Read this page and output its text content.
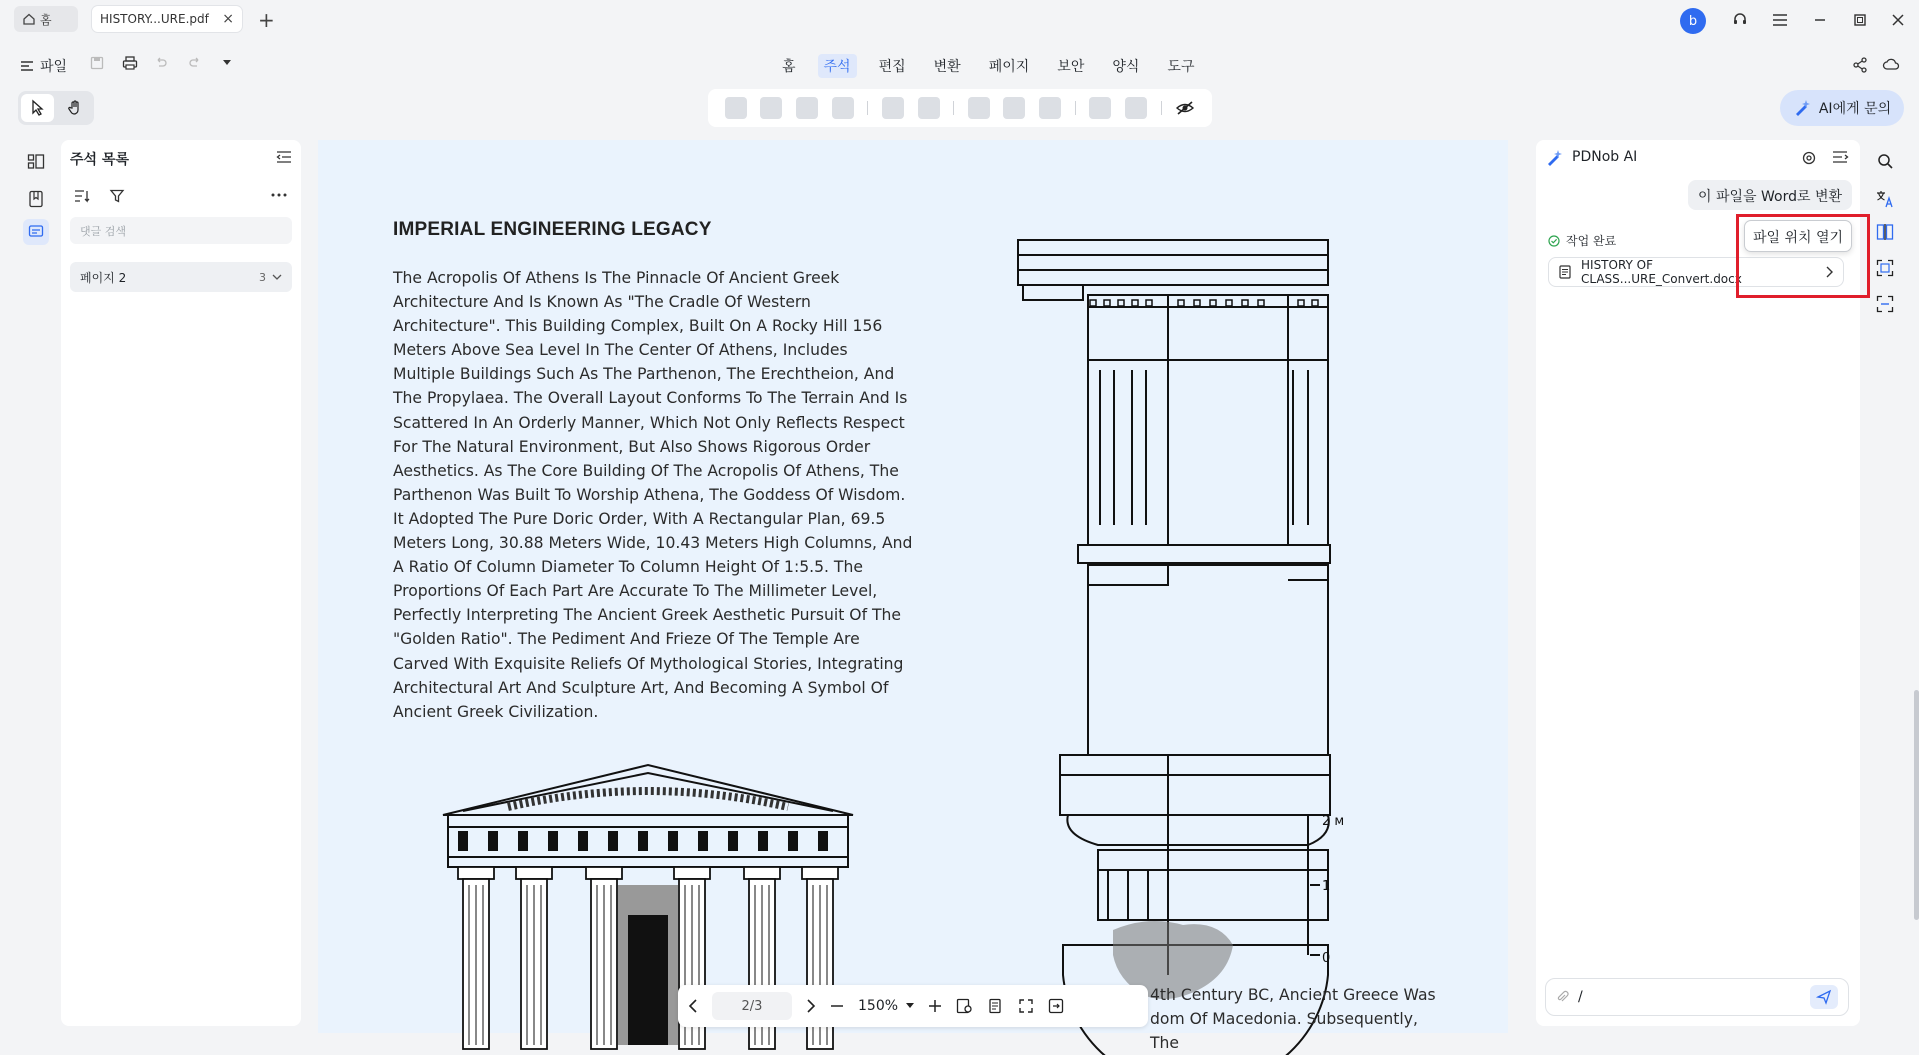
홈	HISTORY...URE.pdf × +	b
파일	홈	주석	편집	변환	페이지	보안	양식	도구
AI에게 문의
주석 목록
댓글 검색
페이지 2	3
2 м
1
0
4th Century BC, Ancient Greece Was
dom Of Macedonia. Subsequently, The
IMPERIAL ENGINEERING LEGACY
The Acropolis Of Athens Is The Pinnacle Of Ancient Greek Architecture And Is Known As "The Cradle Of Western Architecture". This Building Complex, Built On A Rocky Hill 156 Meters Above Sea Level In The Center Of Athens, Includes Multiple Buildings Such As The Parthenon, The Erechtheion, And The Propylaea. The Overall Layout Conforms To The Terrain And Is Scattered In An Orderly Manner, Which Not Only Reflects Respect For The Natural Environment, But Also Shows Rigorous Order Aesthetics. As The Core Building Of The Acropolis Of Athens, The Parthenon Was Built To Worship Athena, The Goddess Of Wisdom. It Adopted The Pure Doric Order, With A Rectangular Plan, 69.5 Meters Long, 30.88 Meters Wide, 10.43 Meters High Columns, And A Ratio Of Column Diameter To Column Height Of 1:5.5. The Proportions Of Each Part Are Accurate To The Millimeter Level, Perfectly Interpreting The Ancient Greek Aesthetic Pursuit Of The "Golden Ratio". The Pediment And Frieze Of The Temple Are Carved With Exquisite Reliefs Of Mythological Stories, Integrating Architectural Art And Sculpture Art, And Becoming A Symbol Of Ancient Greek Civilization.
2/3	150%
PDNob AI
이 파일을 Word로 변환
작업 완료
HISTORY OF CLASS...URE_Convert.docx
파일 위치 열기
/
